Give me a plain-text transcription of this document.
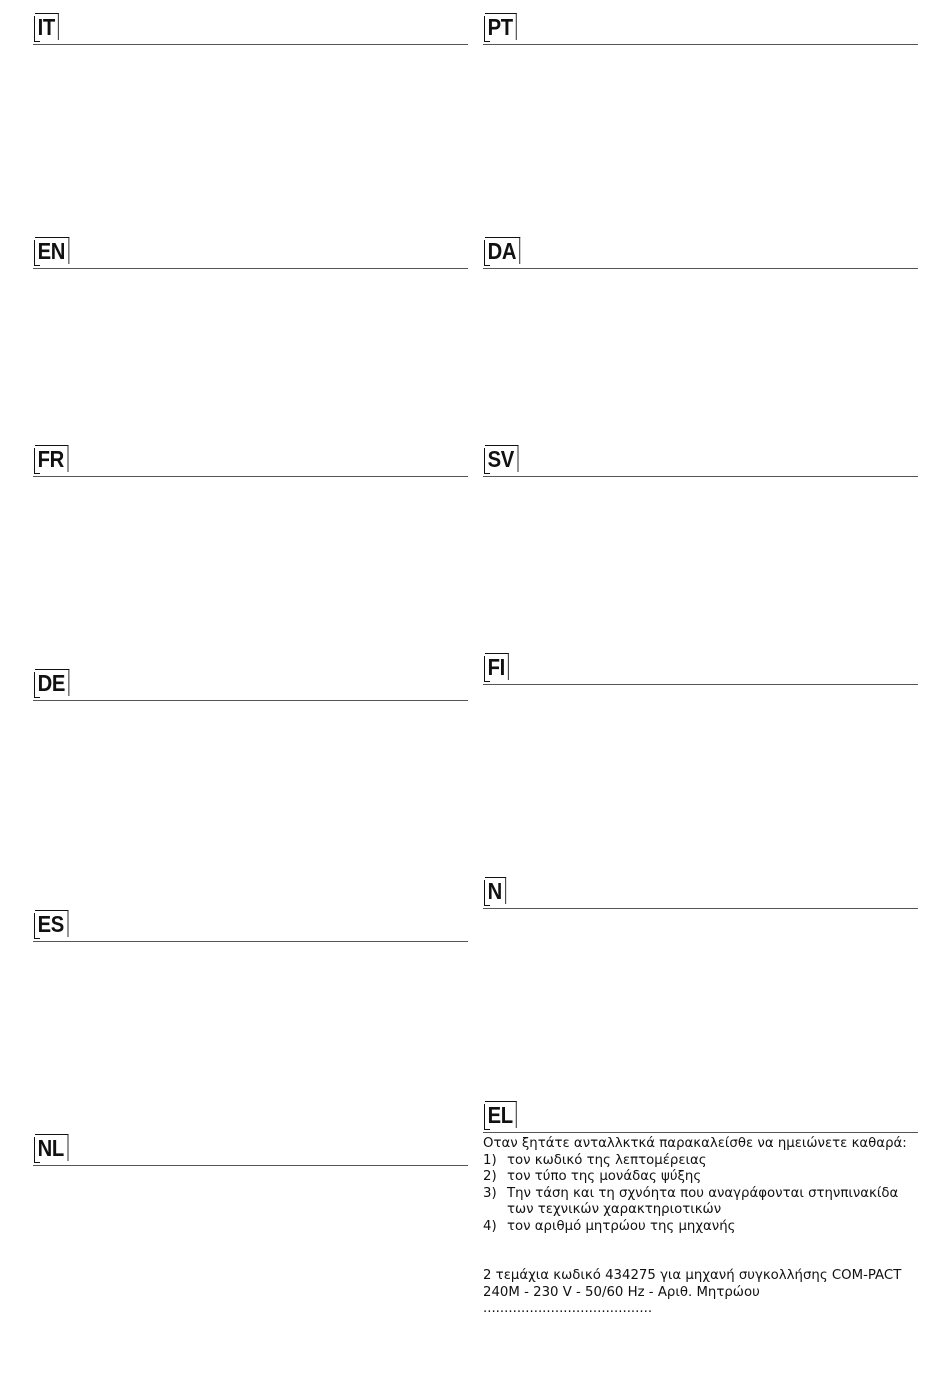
IT
EN
FR
DE
ES
NL
PT
DA
SV
FI
N
EL

Οταν ξητάτε ανταλλκτκά παρακαλείσθε να ημειώνετε καθαρά:

1) τον κωδικό της λεπτομέρειας
2) τον τύπο της μονάδας ψύξης
3) Την τάση και τη σχνόητα που αναγράφονται στηνπινακίδα των τεχνικών χαρακτηριοτικών
4) τον αριθμό μητρώου της μηχανής

2 τεμάχια κωδικό 434275 για μηχανή συγκολλήσης COM-PACT 240M - 230 V - 50/60 Hz - Αριθ. Μητρώου ........................................
